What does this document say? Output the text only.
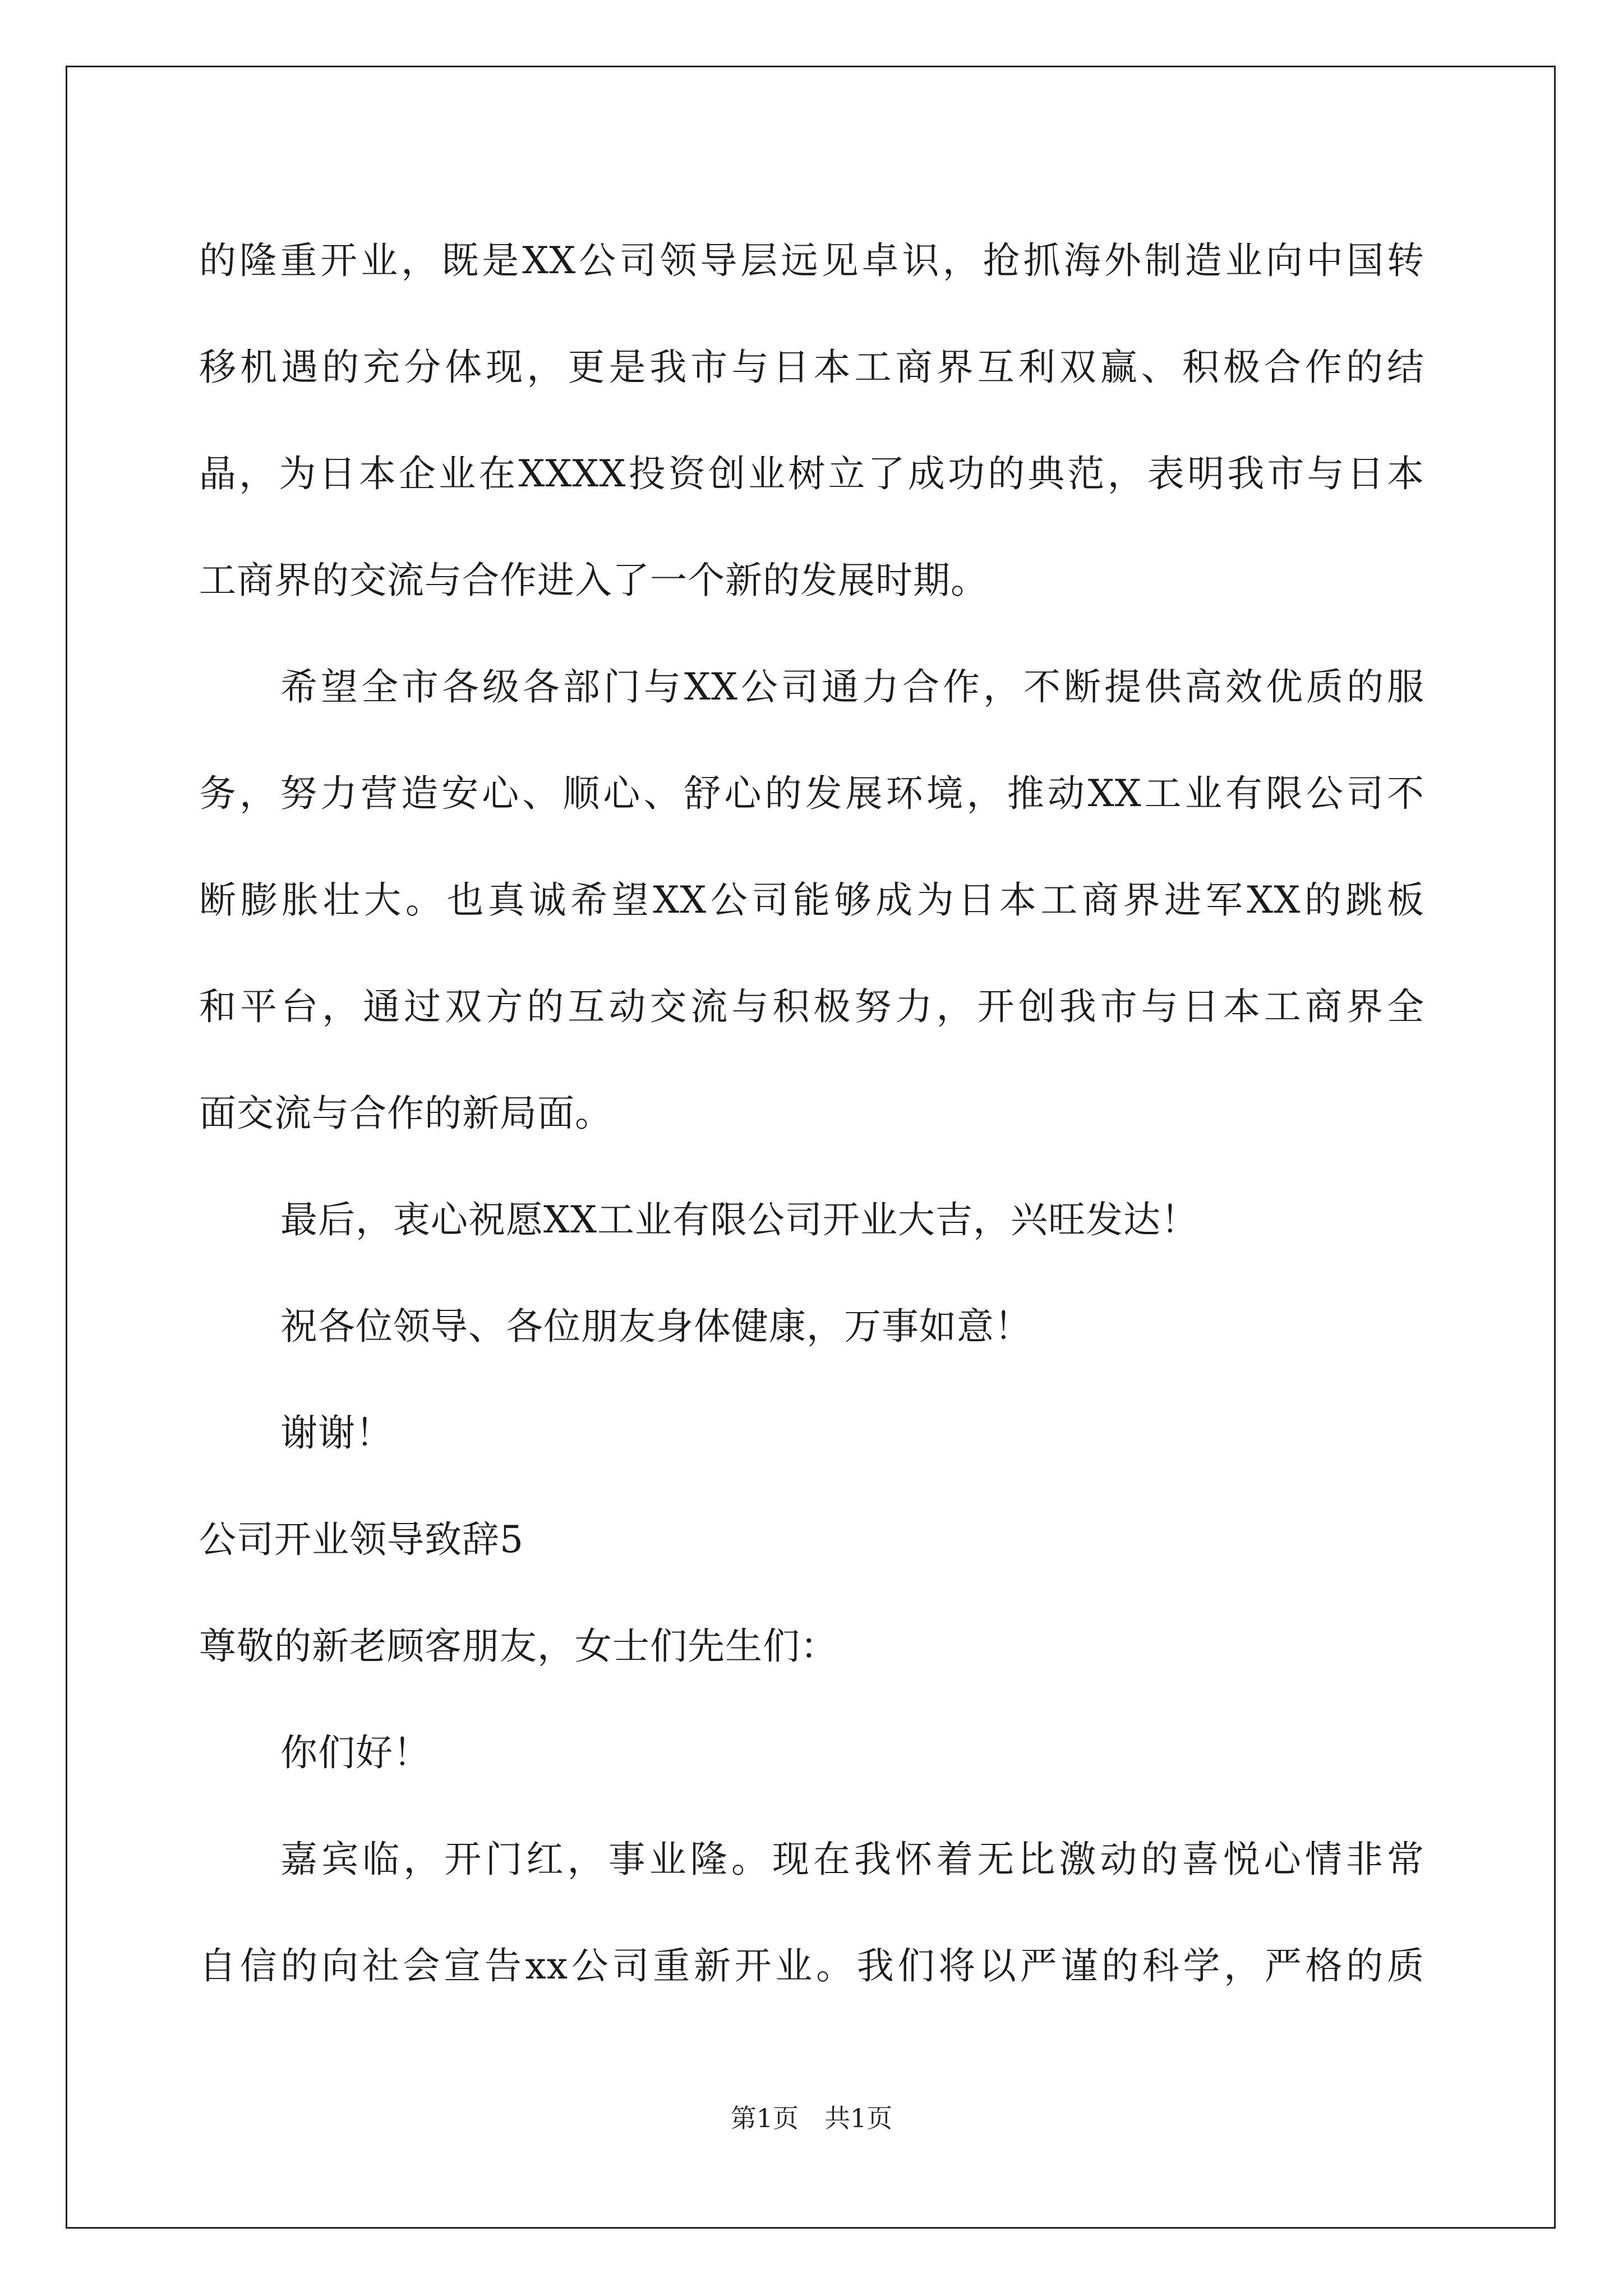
的隆重开业，既是XX公司领导层远见卓识，抢抓海外制造业向中国转
移机遇的充分体现，更是我市与日本工商界互利双赢、积极合作的结
晶，为日本企业在XXXX投资创业树立了成功的典范，表明我市与日本
工商界的交流与合作进入了一个新的发展时期。
希望全市各级各部门与XX公司通力合作，不断提供高效优质的服
务，努力营造安心、顺心、舒心的发展环境，推动XX工业有限公司不
断膨胀壮大。也真诚希望XX公司能够成为日本工商界进军XX的跳板
和平台，通过双方的互动交流与积极努力，开创我市与日本工商界全
面交流与合作的新局面。
最后，衷心祝愿XX工业有限公司开业大吉，兴旺发达！
祝各位领导、各位朋友身体健康，万事如意！
谢谢！
公司开业领导致辞5
尊敬的新老顾客朋友，女士们先生们：
你们好！
嘉宾临，开门红，事业隆。现在我怀着无比激动的喜悦心情非常
自信的向社会宣告xx公司重新开业。我们将以严谨的科学，严格的质
第1页　共1页
